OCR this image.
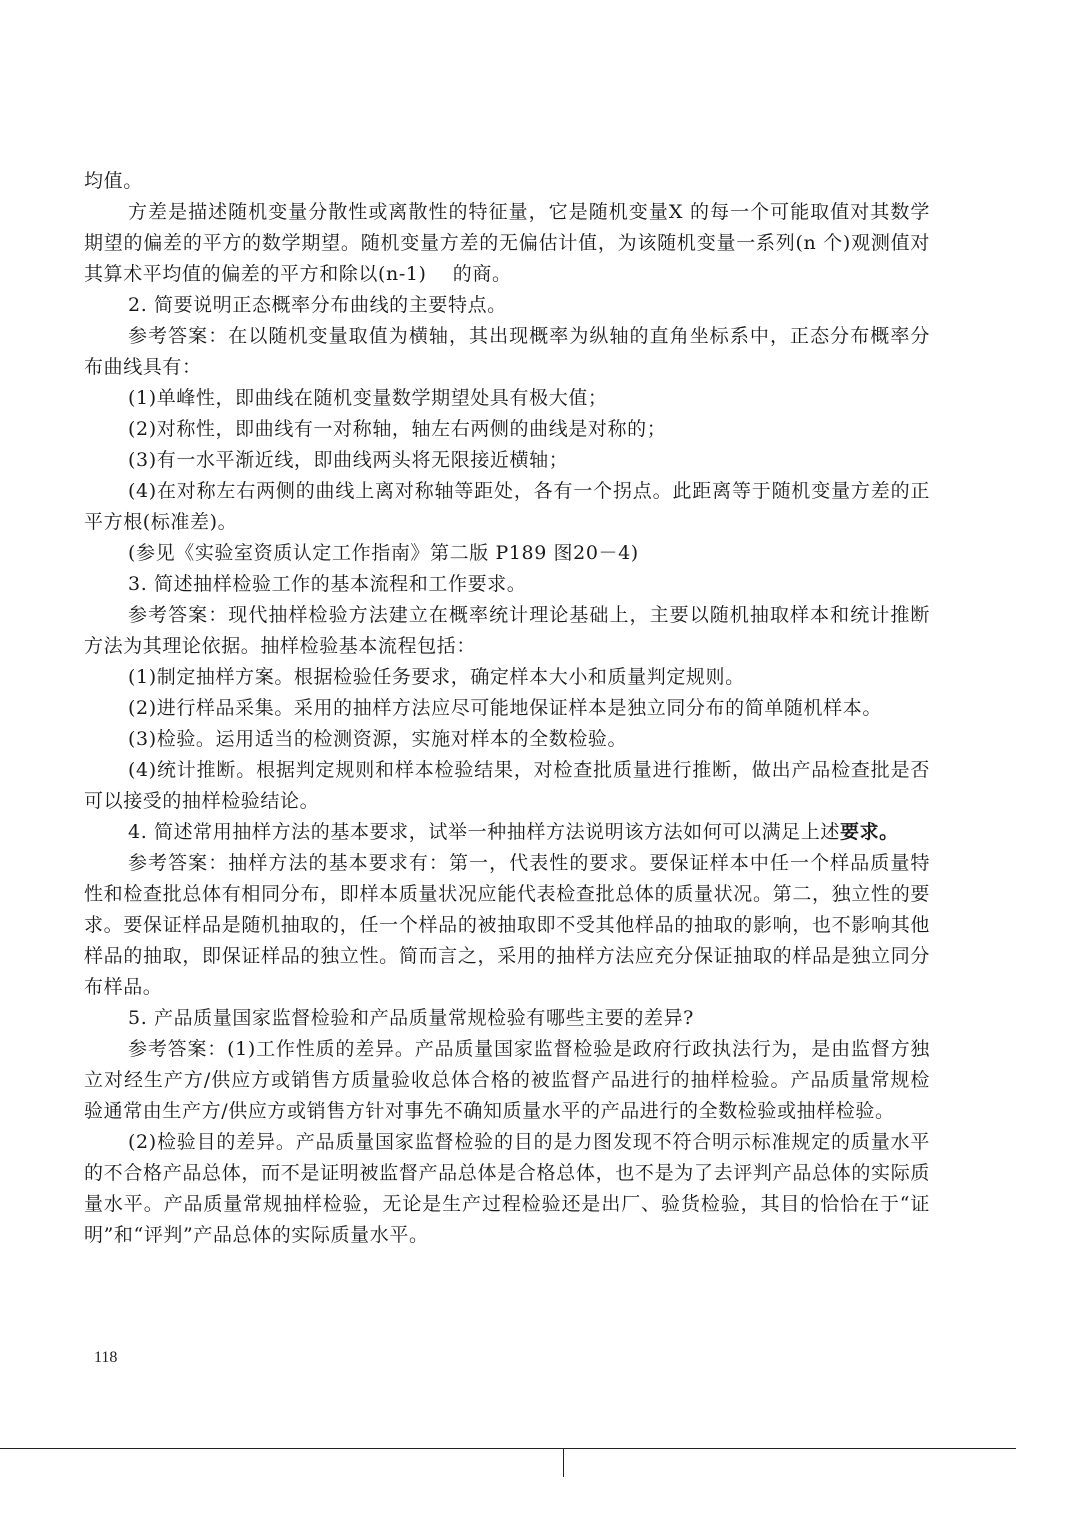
均值。

方差是描述随机变量分散性或离散性的特征量，它是随机变量X 的每一个可能取值对其数学期望的偏差的平方的数学期望。随机变量方差的无偏估计值，为该随机变量一系列(n 个)观测值对其算术平均值的偏差的平方和除以(n-1)　 的商。

2. 简要说明正态概率分布曲线的主要特点。

参考答案：在以随机变量取值为横轴，其出现概率为纵轴的直角坐标系中，正态分布概率分布曲线具有：

(1)单峰性，即曲线在随机变量数学期望处具有极大值；

(2)对称性，即曲线有一对称轴，轴左右两侧的曲线是对称的；

(3)有一水平渐近线，即曲线两头将无限接近横轴；

(4)在对称左右两侧的曲线上离对称轴等距处，各有一个拐点。此距离等于随机变量方差的正平方根(标准差)。

(参见《实验室资质认定工作指南》第二版 P189 图20－4)

3. 简述抽样检验工作的基本流程和工作要求。

参考答案：现代抽样检验方法建立在概率统计理论基础上，主要以随机抽取样本和统计推断方法为其理论依据。抽样检验基本流程包括：

(1)制定抽样方案。根据检验任务要求，确定样本大小和质量判定规则。

(2)进行样品采集。采用的抽样方法应尽可能地保证样本是独立同分布的简单随机样本。

(3)检验。运用适当的检测资源，实施对样本的全数检验。

(4)统计推断。根据判定规则和样本检验结果，对检查批质量进行推断，做出产品检查批是否可以接受的抽样检验结论。

4. 简述常用抽样方法的基本要求，试举一种抽样方法说明该方法如何可以满足上述要求。

参考答案：抽样方法的基本要求有：第一，代表性的要求。要保证样本中任一个样品质量特性和检查批总体有相同分布，即样本质量状况应能代表检查批总体的质量状况。第二，独立性的要求。要保证样品是随机抽取的，任一个样品的被抽取即不受其他样品的抽取的影响，也不影响其他样品的抽取，即保证样品的独立性。简而言之，采用的抽样方法应充分保证抽取的样品是独立同分布样品。

5. 产品质量国家监督检验和产品质量常规检验有哪些主要的差异?

参考答案：(1)工作性质的差异。产品质量国家监督检验是政府行政执法行为，是由监督方独立对经生产方/供应方或销售方质量验收总体合格的被监督产品进行的抽样检验。产品质量常规检验通常由生产方/供应方或销售方针对事先不确知质量水平的产品进行的全数检验或抽样检验。

(2)检验目的差异。产品质量国家监督检验的目的是力图发现不符合明示标准规定的质量水平的不合格产品总体，而不是证明被监督产品总体是合格总体，也不是为了去评判产品总体的实际质量水平。产品质量常规抽样检验，无论是生产过程检验还是出厂、验货检验，其目的恰恰在于“证明”和“评判”产品总体的实际质量水平。

118
